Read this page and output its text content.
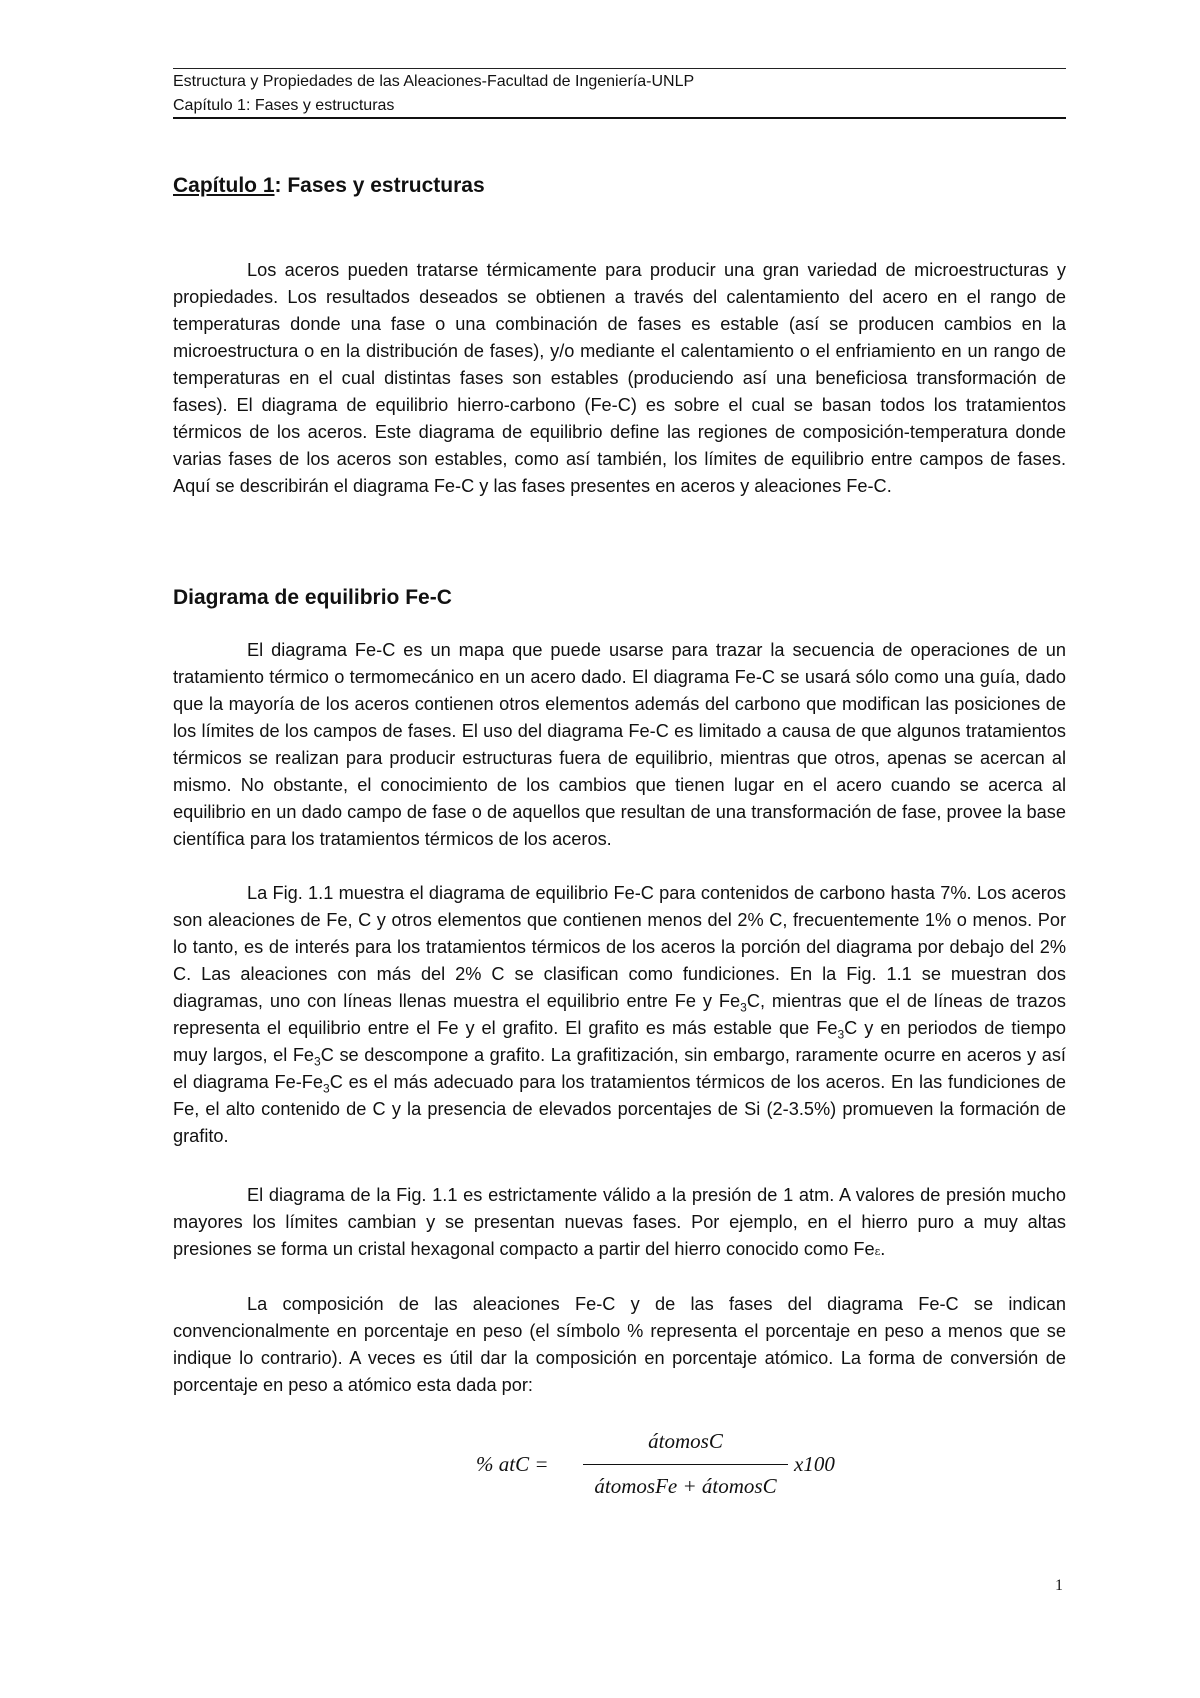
Estructura y Propiedades de las Aleaciones-Facultad de Ingeniería-UNLP
Capítulo 1: Fases y estructuras
Capítulo 1: Fases y estructuras
Los aceros pueden tratarse térmicamente para producir una gran variedad de microestructuras y propiedades. Los resultados deseados se obtienen a través del calentamiento del acero en el rango de temperaturas donde una fase o una combinación de fases es estable (así se producen cambios en la microestructura o en la distribución de fases), y/o mediante el calentamiento o el enfriamiento en un rango de temperaturas en el cual distintas fases son estables (produciendo así una beneficiosa transformación de fases). El diagrama de equilibrio hierro-carbono (Fe-C) es sobre el cual se basan todos los tratamientos térmicos de los aceros. Este diagrama de equilibrio define las regiones de composición-temperatura donde varias fases de los aceros son estables, como así también, los límites de equilibrio entre campos de fases. Aquí se describirán el diagrama Fe-C y las fases presentes en aceros y aleaciones Fe-C.
Diagrama de equilibrio Fe-C
El diagrama Fe-C es un mapa que puede usarse para trazar la secuencia de operaciones de un tratamiento térmico o termomecánico en un acero dado. El diagrama Fe-C se usará sólo como una guía, dado que la mayoría de los aceros contienen otros elementos además del carbono que modifican las posiciones de los límites de los campos de fases. El uso del diagrama Fe-C es limitado a causa de que algunos tratamientos térmicos se realizan para producir estructuras fuera de equilibrio, mientras que otros, apenas se acercan al mismo. No obstante, el conocimiento de los cambios que tienen lugar en el acero cuando se acerca al equilibrio en un dado campo de fase o de aquellos que resultan de una transformación de fase, provee la base científica para los tratamientos térmicos de los aceros.
La Fig. 1.1 muestra el diagrama de equilibrio Fe-C para contenidos de carbono hasta 7%. Los aceros son aleaciones de Fe, C y otros elementos que contienen menos del 2% C, frecuentemente 1% o menos. Por lo tanto, es de interés para los tratamientos térmicos de los aceros la porción del diagrama por debajo del 2% C. Las aleaciones con más del 2% C se clasifican como fundiciones. En la Fig. 1.1 se muestran dos diagramas, uno con líneas llenas muestra el equilibrio entre Fe y $Fe_3C$, mientras que el de líneas de trazos representa el equilibrio entre el Fe y el grafito. El grafito es más estable que $Fe_3C$ y en periodos de tiempo muy largos, el $Fe_3C$ se descompone a grafito. La grafitización, sin embargo, raramente ocurre en aceros y así el diagrama $Fe-Fe_3C$ es el más adecuado para los tratamientos térmicos de los aceros. En las fundiciones de Fe, el alto contenido de C y la presencia de elevados porcentajes de Si (2-3.5%) promueven la formación de grafito.
El diagrama de la Fig. 1.1 es estrictamente válido a la presión de 1 atm. A valores de presión mucho mayores los límites cambian y se presentan nuevas fases. Por ejemplo, en el hierro puro a muy altas presiones se forma un cristal hexagonal compacto a partir del hierro conocido como Feε.
La composición de las aleaciones Fe-C y de las fases del diagrama Fe-C se indican convencionalmente en porcentaje en peso (el símbolo % representa el porcentaje en peso a menos que se indique lo contrario). A veces es útil dar la composición en porcentaje atómico. La forma de conversión de porcentaje en peso a atómico esta dada por:
% atC =
átomosC
átomosFe + átomosC
x100
1
